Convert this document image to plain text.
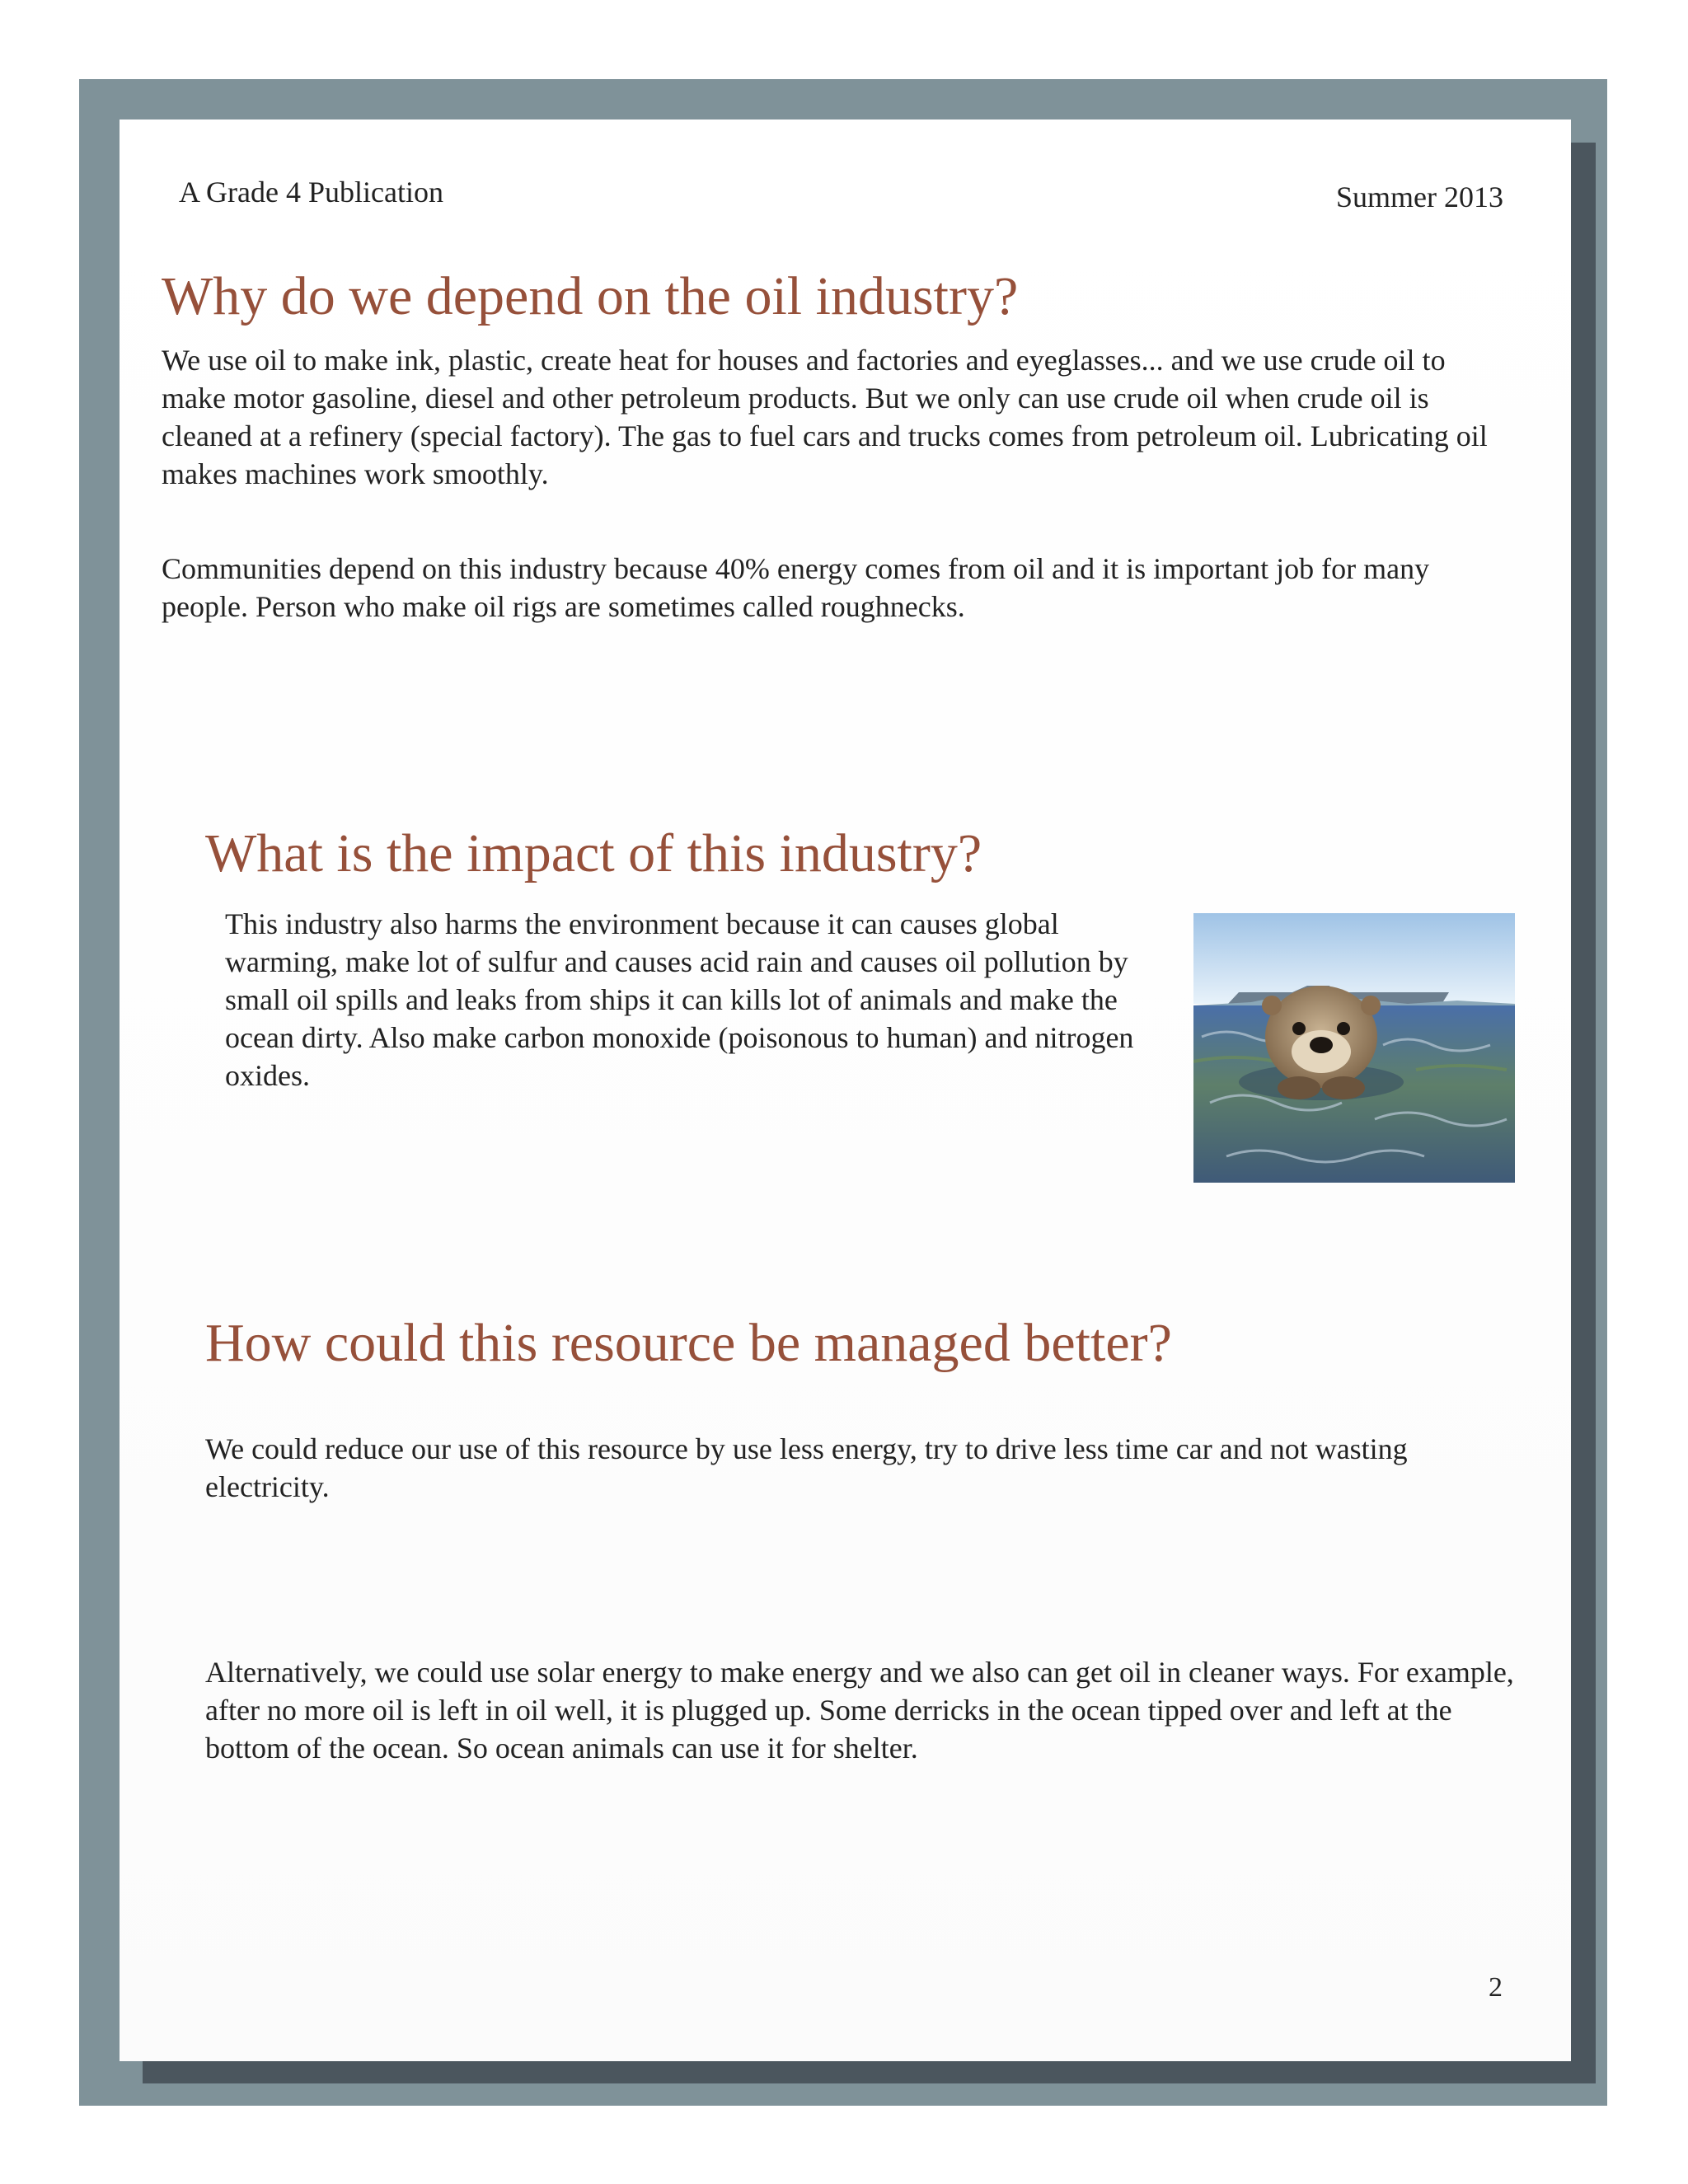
A Grade 4 Publication	Summer 2013
Why do we depend on the oil industry?

We use oil to make ink, plastic, create heat for houses and factories and eyeglasses... and we use crude oil to make motor gasoline, diesel and other petroleum products. But we only can use crude oil when crude oil is cleaned at a refinery (special factory). The gas to fuel cars and trucks comes from petroleum oil. Lubricating oil makes machines work smoothly.

Communities depend on this industry because 40% energy comes from oil and it is important job for many people. Person who make oil rigs are sometimes called roughnecks.

What is the impact of this industry?

This industry also harms the environment because it can causes global warming, make lot of sulfur and causes acid rain and causes oil pollution by small oil spills and leaks from ships it can kills lot of animals and make the ocean dirty. Also make carbon monoxide (poisonous to human) and nitrogen oxides.

How could this resource be managed better?

We could reduce our use of this resource by use less energy, try to drive less time car and not wasting electricity.

Alternatively, we could use solar energy to make energy and we also can get oil in cleaner ways. For example, after no more oil is left in oil well, it is plugged up. Some derricks in the ocean tipped over and left at the bottom of the ocean. So ocean animals can use it for shelter.

2
